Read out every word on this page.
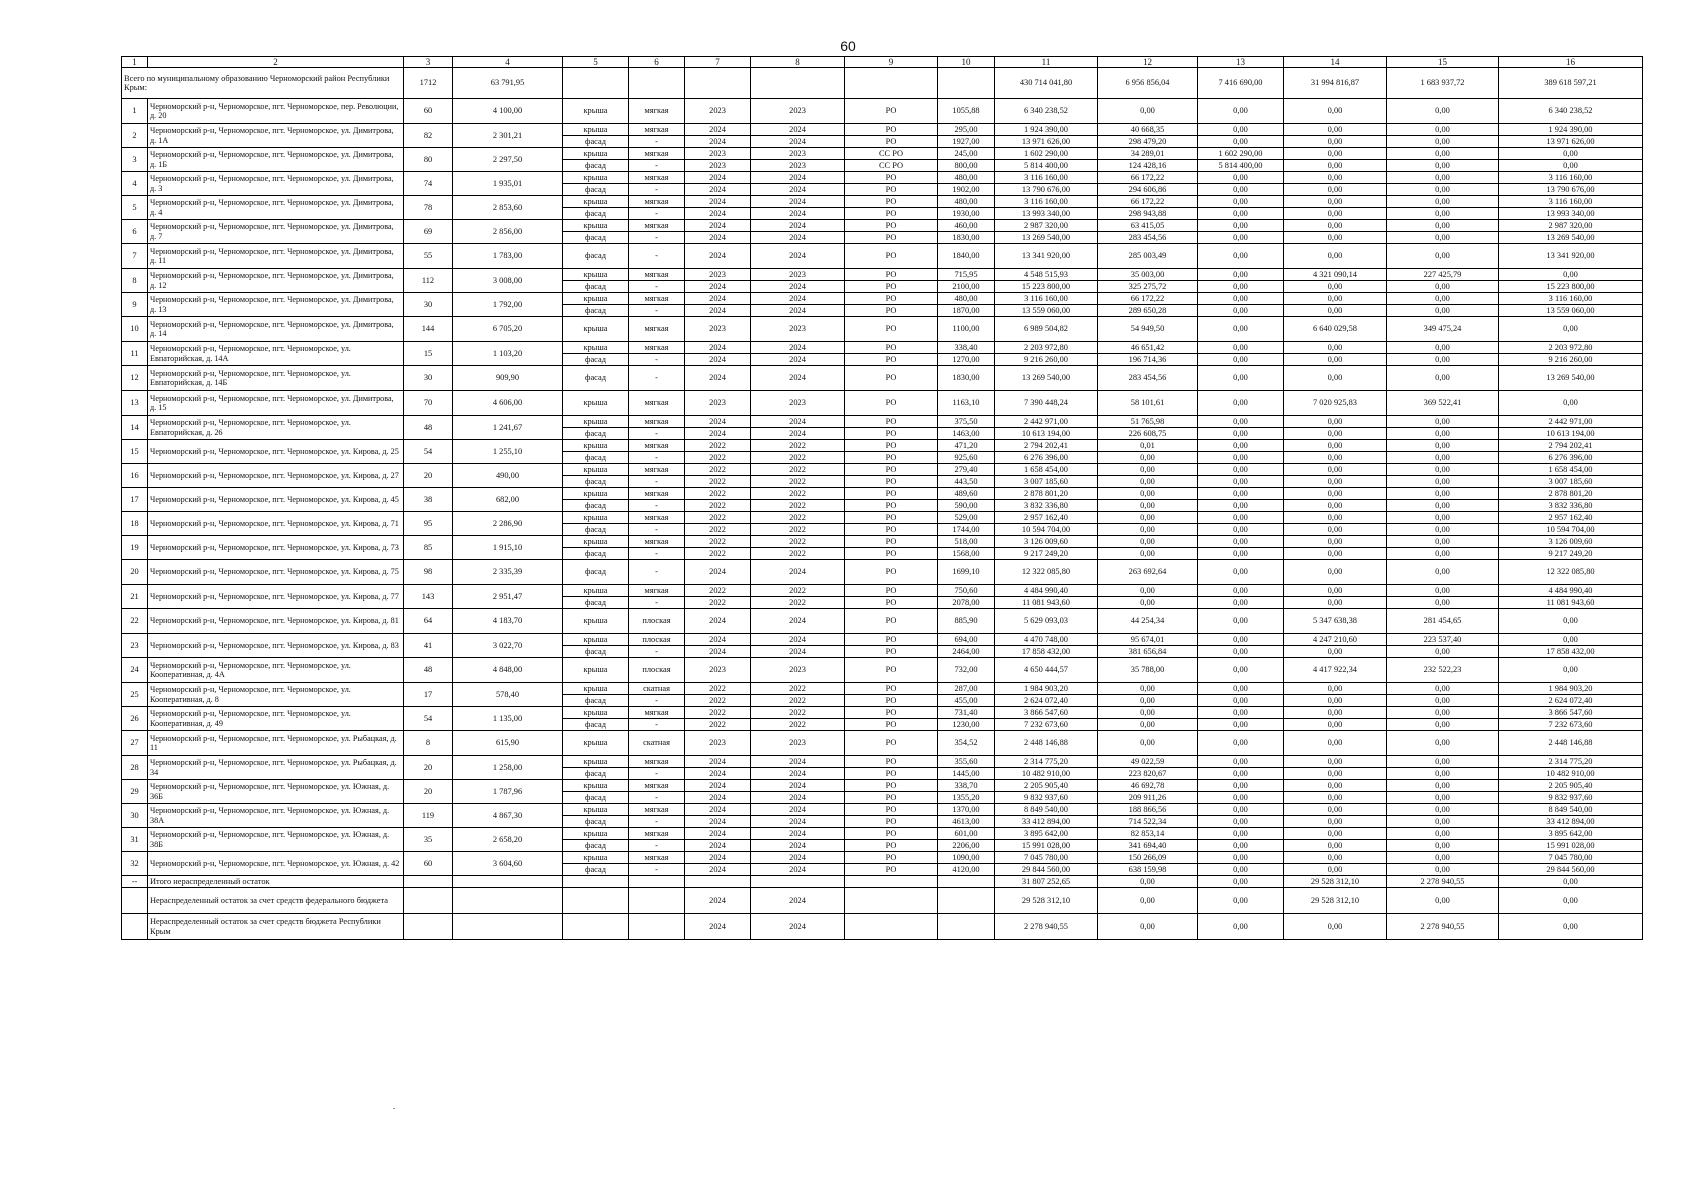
60
1	2	3	4	5	6	7	8	9	10	11	12	13	14	15	16
Всего по муниципальному образованию Черноморский район Республики Крым:		1712	63 791,95							430 714 041,80	6 956 856,04	7 416 690,00	31 994 816,87	1 683 937,72	389 618 597,21
1	Черноморский р-н, Черноморское, пгт. Черноморское, пер. Революции, д. 20	60	4 100,00	крыша	мягкая	2023	2023	РО	1055,88	6 340 238,52	0,00	0,00	0,00	0,00	6 340 238,52
2	Черноморский р-н, Черноморское, пгт. Черноморское, ул. Димитрова, д. 1А	82	2 301,21	крыша	мягкая	2024	2024	РО	295,00	1 924 390,00	40 668,35	0,00	0,00	0,00	1 924 390,00
				фасад	-	2024	2024	РО	1927,00	13 971 626,00	298 479,20	0,00	0,00	0,00	13 971 626,00
3	Черноморский р-н, Черноморское, пгт. Черноморское, ул. Димитрова, д. 1Б	80	2 297,50	крыша	мягкая	2023	2023	СС РО	245,00	1 602 290,00	34 289,01	1 602 290,00	0,00	0,00	0,00
				фасад	-	2023	2023	СС РО	800,00	5 814 400,00	124 428,16	5 814 400,00	0,00	0,00	0,00
4	Черноморский р-н, Черноморское, пгт. Черноморское, ул. Димитрова, д. 3	74	1 935,01	крыша	мягкая	2024	2024	РО	480,00	3 116 160,00	66 172,22	0,00	0,00	0,00	3 116 160,00
				фасад	-	2024	2024	РО	1902,00	13 790 676,00	294 606,86	0,00	0,00	0,00	13 790 676,00
5	Черноморский р-н, Черноморское, пгт. Черноморское, ул. Димитрова, д. 4	78	2 853,60	крыша	мягкая	2024	2024	РО	480,00	3 116 160,00	66 172,22	0,00	0,00	0,00	3 116 160,00
				фасад	-	2024	2024	РО	1930,00	13 993 340,00	298 943,88	0,00	0,00	0,00	13 993 340,00
6	Черноморский р-н, Черноморское, пгт. Черноморское, ул. Димитрова, д. 7	69	2 856,00	крыша	мягкая	2024	2024	РО	460,00	2 987 320,00	63 415,05	0,00	0,00	0,00	2 987 320,00
				фасад	-	2024	2024	РО	1830,00	13 269 540,00	283 454,56	0,00	0,00	0,00	13 269 540,00
7	Черноморский р-н, Черноморское, пгт. Черноморское, ул. Димитрова, д. 11	55	1 783,00	фасад	-	2024	2024	РО	1840,00	13 341 920,00	285 003,49	0,00	0,00	0,00	13 341 920,00
8	Черноморский р-н, Черноморское, пгт. Черноморское, ул. Димитрова, д. 12	112	3 008,00	крыша	мягкая	2023	2023	РО	715,95	4 548 515,93	35 003,00	0,00	4 321 090,14	227 425,79	0,00
				фасад	-	2024	2024	РО	2100,00	15 223 800,00	325 275,72	0,00	0,00	0,00	15 223 800,00
9	Черноморский р-н, Черноморское, пгт. Черноморское, ул. Димитрова, д. 13	30	1 792,00	крыша	мягкая	2024	2024	РО	480,00	3 116 160,00	66 172,22	0,00	0,00	0,00	3 116 160,00
				фасад	-	2024	2024	РО	1870,00	13 559 060,00	289 650,28	0,00	0,00	0,00	13 559 060,00
10	Черноморский р-н, Черноморское, пгт. Черноморское, ул. Димитрова, д. 14	144	6 705,20	крыша	мягкая	2023	2023	РО	1100,00	6 989 504,82	54 949,50	0,00	6 640 029,58	349 475,24	0,00
11	Черноморский р-н, Черноморское, пгт. Черноморское, ул. Евпаторийская, д. 14А	15	1 103,20	крыша	мягкая	2024	2024	РО	338,40	2 203 972,80	46 651,42	0,00	0,00	0,00	2 203 972,80
				фасад	-	2024	2024	РО	1270,00	9 216 260,00	196 714,36	0,00	0,00	0,00	9 216 260,00
12	Черноморский р-н, Черноморское, пгт. Черноморское, ул. Евпаторийская, д. 14Б	30	909,90	фасад	-	2024	2024	РО	1830,00	13 269 540,00	283 454,56	0,00	0,00	0,00	13 269 540,00
13	Черноморский р-н, Черноморское, пгт. Черноморское, ул. Димитрова, д. 15	70	4 606,00	крыша	мягкая	2023	2023	РО	1163,10	7 390 448,24	58 101,61	0,00	7 020 925,83	369 522,41	0,00
14	Черноморский р-н, Черноморское, пгт. Черноморское, ул. Евпаторийская, д. 26	48	1 241,67	крыша	мягкая	2024	2024	РО	375,50	2 442 971,00	51 765,98	0,00	0,00	0,00	2 442 971,00
				фасад	-	2024	2024	РО	1463,00	10 613 194,00	226 608,75	0,00	0,00	0,00	10 613 194,00
15	Черноморский р-н, Черноморское, пгт. Черноморское, ул. Кирова, д. 25	54	1 255,10	крыша	мягкая	2022	2022	РО	471,20	2 794 202,41	0,01	0,00	0,00	0,00	2 794 202,41
				фасад	-	2022	2022	РО	925,60	6 276 396,00	0,00	0,00	0,00	0,00	6 276 396,00
16	Черноморский р-н, Черноморское, пгт. Черноморское, ул. Кирова, д. 27	20	490,00	крыша	мягкая	2022	2022	РО	279,40	1 658 454,00	0,00	0,00	0,00	0,00	1 658 454,00
				фасад	-	2022	2022	РО	443,50	3 007 185,60	0,00	0,00	0,00	0,00	3 007 185,60
17	Черноморский р-н, Черноморское, пгт. Черноморское, ул. Кирова, д. 45	38	682,00	крыша	мягкая	2022	2022	РО	489,60	2 878 801,20	0,00	0,00	0,00	0,00	2 878 801,20
				фасад	-	2022	2022	РО	590,00	3 832 336,80	0,00	0,00	0,00	0,00	3 832 336,80
18	Черноморский р-н, Черноморское, пгт. Черноморское, ул. Кирова, д. 71	95	2 286,90	крыша	мягкая	2022	2022	РО	529,00	2 957 162,40	0,00	0,00	0,00	0,00	2 957 162,40
				фасад	-	2022	2022	РО	1744,00	10 594 704,00	0,00	0,00	0,00	0,00	10 594 704,00
19	Черноморский р-н, Черноморское, пгт. Черноморское, ул. Кирова, д. 73	85	1 915,10	крыша	мягкая	2022	2022	РО	518,00	3 126 009,60	0,00	0,00	0,00	0,00	3 126 009,60
				фасад	-	2022	2022	РО	1568,00	9 217 249,20	0,00	0,00	0,00	0,00	9 217 249,20
20	Черноморский р-н, Черноморское, пгт. Черноморское, ул. Кирова, д. 75	98	2 335,39	фасад	-	2024	2024	РО	1699,10	12 322 085,80	263 692,64	0,00	0,00	0,00	12 322 085,80
21	Черноморский р-н, Черноморское, пгт. Черноморское, ул. Кирова, д. 77	143	2 951,47	крыша	мягкая	2022	2022	РО	750,60	4 484 990,40	0,00	0,00	0,00	0,00	4 484 990,40
				фасад	-	2022	2022	РО	2078,00	11 081 943,60	0,00	0,00	0,00	0,00	11 081 943,60
22	Черноморский р-н, Черноморское, пгт. Черноморское, ул. Кирова, д. 81	64	4 183,70	крыша	плоская	2024	2024	РО	885,90	5 629 093,03	44 254,34	0,00	5 347 638,38	281 454,65	0,00
23	Черноморский р-н, Черноморское, пгт. Черноморское, ул. Кирова, д. 83	41	3 022,70	крыша	плоская	2024	2024	РО	694,00	4 470 748,00	95 674,01	0,00	4 247 210,60	223 537,40	0,00
				фасад	-	2024	2024	РО	2464,00	17 858 432,00	381 656,84	0,00	0,00	0,00	17 858 432,00
24	Черноморский р-н, Черноморское, пгт. Черноморское, ул. Кооперативная, д. 4А	48	4 848,00	крыша	плоская	2023	2023	РО	732,00	4 650 444,57	35 788,00	0,00	4 417 922,34	232 522,23	0,00
25	Черноморский р-н, Черноморское, пгт. Черноморское, ул. Кооперативная, д. 8	17	578,40	крыша	скатная	2022	2022	РО	287,00	1 984 903,20	0,00	0,00	0,00	0,00	1 984 903,20
				фасад	-	2022	2022	РО	455,00	2 624 072,40	0,00	0,00	0,00	0,00	2 624 072,40
26	Черноморский р-н, Черноморское, пгт. Черноморское, ул. Кооперативная, д. 49	54	1 135,00	крыша	мягкая	2022	2022	РО	731,40	3 866 547,60	0,00	0,00	0,00	0,00	3 866 547,60
				фасад	-	2022	2022	РО	1230,00	7 232 673,60	0,00	0,00	0,00	0,00	7 232 673,60
27	Черноморский р-н, Черноморское, пгт. Черноморское, ул. Рыбацкая, д. 11	8	615,90	крыша	скатная	2023	2023	РО	354,52	2 448 146,88	0,00	0,00	0,00	0,00	2 448 146,88
28	Черноморский р-н, Черноморское, пгт. Черноморское, ул. Рыбацкая, д. 34	20	1 258,00	крыша	мягкая	2024	2024	РО	355,60	2 314 775,20	49 022,59	0,00	0,00	0,00	2 314 775,20
				фасад	-	2024	2024	РО	1445,00	10 482 910,00	223 820,67	0,00	0,00	0,00	10 482 910,00
29	Черноморский р-н, Черноморское, пгт. Черноморское, ул. Южная, д. 36Б	20	1 787,96	крыша	мягкая	2024	2024	РО	338,70	2 205 905,40	46 692,78	0,00	0,00	0,00	2 205 905,40
				фасад	-	2024	2024	РО	1355,20	9 832 937,60	209 911,26	0,00	0,00	0,00	9 832 937,60
30	Черноморский р-н, Черноморское, пгт. Черноморское, ул. Южная, д. 38А	119	4 867,30	крыша	мягкая	2024	2024	РО	1370,00	8 849 540,00	188 866,56	0,00	0,00	0,00	8 849 540,00
				фасад	-	2024	2024	РО	4613,00	33 412 894,00	714 522,34	0,00	0,00	0,00	33 412 894,00
31	Черноморский р-н, Черноморское, пгт. Черноморское, ул. Южная, д. 38Б	35	2 658,20	крыша	мягкая	2024	2024	РО	601,00	3 895 642,00	82 853,14	0,00	0,00	0,00	3 895 642,00
				фасад	-	2024	2024	РО	2206,00	15 991 028,00	341 694,40	0,00	0,00	0,00	15 991 028,00
32	Черноморский р-н, Черноморское, пгт. Черноморское, ул. Южная, д. 42	60	3 604,60	крыша	мягкая	2024	2024	РО	1090,00	7 045 780,00	150 266,09	0,00	0,00	0,00	7 045 780,00
				фасад	-	2024	2024	РО	4120,00	29 844 560,00	638 159,98	0,00	0,00	0,00	29 844 560,00
--	Итого нераспределенный остаток									31 807 252,65	0,00	0,00	29 528 312,10	2 278 940,55	0,00
	Нераспределенный остаток за счет средств федерального бюджета					2024	2024			29 528 312,10	0,00	0,00	29 528 312,10	0,00	0,00
	Нераспределенный остаток за счет средств бюджета Республики Крым					2024	2024			2 278 940,55	0,00	0,00	0,00	2 278 940,55	0,00
